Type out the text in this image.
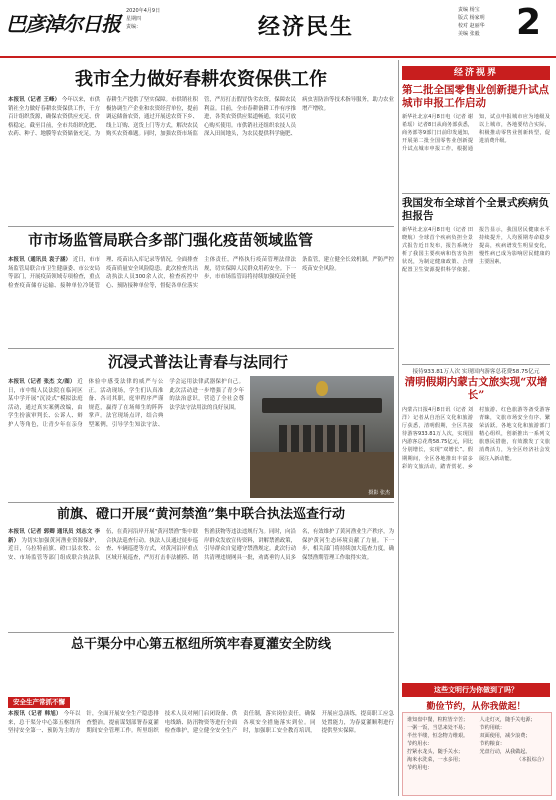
巴彦淖尔日报
2020年4月9日
星期四
责编：	经济民生
责编 杨宝
版式 杨家明
校对 赵丽华
美编 张毅 2
我市全力做好春耕农资保供工作
本报讯（记者 王峰） 今年以来，市供销社全力做好春耕农资保供工作，千方百计组织货源，确保农资供应充足、价格稳定。截至目前，全市共组织化肥、农药、种子、地膜等农资储备充足，为春耕生产提供了坚实保障。市供销社积极协调生产企业和农资经营单位，提前调运储备农资，通过开展送农资下乡、线上订购、送货上门等方式，解决农民购买农资难题。同时，加强农资市场监管，严厉打击假冒伪劣农资，保障农民利益。目前，全市春耕备耕工作有序推进，各类农资供应渠道畅通，农民可放心购买使用。市供销社还组织农技人员深入田间地头，为农民提供科学施肥、病虫害防治等技术指导服务，助力农业增产增收。
市市场监管局联合多部门强化疫苗领域监管
本报讯（通讯员 袁子涵） 近日，市市场监管局联合市卫生健康委、市公安局等部门，开展疫苗领域专项检查，重点检查疫苗储存运输、接种单位冷链管理、疫苗出入库记录等情况，全面排查疫苗质量安全风险隐患。此次检查共出动执法人员300余人次，检查疾控中心、预防接种单位等，督促各单位落实主体责任，严格执行疫苗管理法律法规，切实保障人民群众用药安全。下一步，市市场监管局将持续加强疫苗全链条监管，建立健全长效机制，严防严控疫苗安全风险。
沉浸式普法让青春与法同行
本报讯（记者 张杰 文/图） 近日，市中级人民法院在临河区某中学开展“沉浸式”模拟法庭活动，通过真实案例改编，由学生扮演审判长、公诉人、辩护人等角色，让青少年在亲身体验中感受法律的威严与公正。活动现场，学生们认真准备、各司其职，庭审程序严谨规范，赢得了在场师生的阵阵掌声。法官现场点评，结合典型案例，引导学生知法守法、学会运用法律武器保护自己。此次活动进一步增强了青少年的法治意识，营造了全社会尊法学法守法用法的良好氛围。
摄影 张杰
前旗、磴口开展“黄河禁渔”集中联合执法巡查行动
本报讯（记者 郭卿 通讯员 刘志文 李新） 为切实加强黄河渔业资源保护，近日，乌拉特前旗、磴口县农牧、公安、市场监管等部门组成联合执法队伍，在黄河沿岸开展“黄河禁渔”集中联合执法巡查行动。执法人员通过徒步巡查、车辆巡逻等方式，对黄河沿岸重点区域开展巡查，严厉打击非法捕捞、销售渔获物等违法违规行为。同时，向沿岸群众发放宣传资料，讲解禁渔政策，引导群众自觉遵守禁渔规定。此次行动共清理违规网具一批，劝离垂钓人员多名，有效维护了黄河渔业生产秩序，为保护黄河生态环境贡献了力量。下一步，相关部门将持续加大巡查力度，确保禁渔期管理工作取得实效。
总干渠分中心第五枢纽所筑牢春夏灌安全防线
安全生产常抓不懈
本报讯（记者 韩旭） 今年以来，总干渠分中心第五枢纽所坚持安全第一、预防为主的方针，全面开展安全生产隐患排查整治，提前谋划部署春夏灌期间安全管理工作。所里组织技术人员对闸门启闭设备、供电线路、防汛物资等进行全面检查维护，建立健全安全生产责任制，落实岗位责任，确保各项安全措施落实到位。同时，加强职工安全教育培训，开展应急演练，提高职工应急处置能力，为春夏灌顺利进行提供坚实保障。
经济视界
第二批全国零售业创新提升试点城市申报工作启动
新华社北京4月8日电（记者 谢希瑶）记者8日从商务部获悉，商务部等9部门日前印发通知，开展第二批全国零售业创新提升试点城市申报工作。根据通知，试点申报城市应为地级及以上城市，各地要结合实际，积极推动零售业创新转型，促进消费升级。
我国发布全球首个全景式疾病负担报告
新华社北京4月8日电（记者 田晓航）全球首个疾病负担全景式报告近日发布，报告系统分析了我国主要疾病和伤害负担状况，为制定健康政策、合理配置卫生资源提供科学依据。报告显示，我国居民健康水平持续提升，人均预期寿命稳步提高，疾病谱发生明显变化，慢性病已成为影响居民健康的主要因素。
接待933.81万人次 实现国内游客总花费58.75亿元
清明假期内蒙古文旅实现“双增长”
内蒙古日报4月8日讯（记者 刘洋）记者从自治区文化和旅游厅获悉，清明假期，全区共接待游客933.81万人次，实现国内游客总花费58.75亿元，同比分别增长，实现“双增长”。假期期间，全区各地推出丰富多彩的文旅活动，踏青赏花、乡村旅游、红色旅游等备受游客青睐，文旅市场安全有序、繁荣活跃。各地文化和旅游部门精心组织，创新推出一系列文旅惠民措施，有效激发了文旅消费活力，为全区经济社会发展注入新动能。
这些文明行为你做到了吗？
勤俭节约，从你我做起！
谁知盘中餐，粒粒皆辛苦；
一粥一饭，当思来处不易；
半丝半缕，恒念物力维艰。
节约用水：
拧紧水龙头，随手关水；
淘米水洗菜，一水多用；
节约用电：
人走灯灭，随手关电源；
节约用纸：
双面使用，减少浪费；
节约粮食：
光盘行动，从我做起。
（本报综合）
